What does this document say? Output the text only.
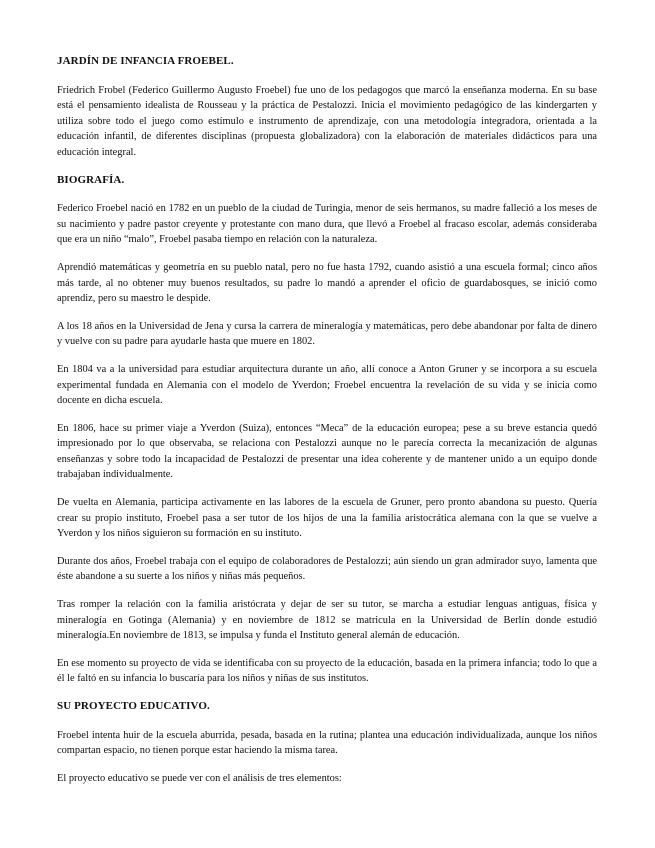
JARDÍN DE INFANCIA FROEBEL.

Friedrich Frobel (Federico Guillermo Augusto Froebel) fue uno de los pedagogos que marcó la enseñanza moderna. En su base está el pensamiento idealista de Rousseau y la práctica de Pestalozzi. Inicia el movimiento pedagógico de las kindergarten y utiliza sobre todo el juego como estímulo e instrumento de aprendizaje, con una metodología integradora, orientada a la educación infantil, de diferentes disciplinas (propuesta globalizadora) con la elaboración de materiales didácticos para una educación integral.

BIOGRAFÍA.

Federico Froebel nació en 1782 en un pueblo de la ciudad de Turingia, menor de seis hermanos, su madre falleció a los meses de su nacimiento y padre pastor creyente y protestante con mano dura, que llevó a Froebel al fracaso escolar, además consideraba que era un niño “malo”, Froebel pasaba tiempo en relación con la naturaleza.

Aprendió matemáticas y geometría en su pueblo natal, pero no fue hasta 1792, cuando asistió a una escuela formal; cinco años más tarde, al no obtener muy buenos resultados, su padre lo mandó a aprender el oficio de guardabosques, se inició como aprendiz, pero su maestro le despide.

A los 18 años en la Universidad de Jena y cursa la carrera de mineralogía y matemáticas, pero debe abandonar por falta de dinero y vuelve con su padre para ayudarle hasta que muere en 1802.

En 1804 va a la universidad para estudiar arquitectura durante un año, allí conoce a Anton Gruner y se incorpora a su escuela experimental fundada en Alemania con el modelo de Yverdon; Froebel encuentra la revelación de su vida y se inicia como docente en dicha escuela.

En 1806, hace su primer viaje a Yverdon (Suiza), entonces “Meca” de la educación europea; pese a su breve estancia quedó impresionado por lo que observaba, se relaciona con Pestalozzi aunque no le parecía correcta la mecanización de algunas enseñanzas y sobre todo la incapacidad de Pestalozzi de presentar una idea coherente y de mantener unido a un equipo donde trabajaban individualmente.

De vuelta en Alemania, participa activamente en las labores de la escuela de Gruner, pero pronto abandona su puesto. Quería crear su propio instituto, Froebel pasa a ser tutor de los hijos de una la familia aristocrática alemana con la que se vuelve a Yverdon y los niños siguieron su formación en su instituto.

Durante dos años, Froebel trabaja con el equipo de colaboradores de Pestalozzi; aún siendo un gran admirador suyo, lamenta que éste abandone a su suerte a los niños y niñas más pequeños.

Tras romper la relación con la familia aristócrata y dejar de ser su tutor, se marcha a estudiar lenguas antiguas, física y mineralogía en Gotinga (Alemania) y en noviembre de 1812 se matricula en la Universidad de Berlín donde estudió mineralogía.En noviembre de 1813, se impulsa y funda el Instituto general alemán de educación.

En ese momento su proyecto de vida se identificaba con su proyecto de la educación, basada en la primera infancia; todo lo que a él le faltó en su infancia lo buscaría para los niños y niñas de sus institutos.

SU PROYECTO EDUCATIVO.

Froebel intenta huir de la escuela aburrida, pesada, basada en la rutina; plantea una educación individualizada, aunque los niños compartan espacio, no tienen porque estar haciendo la misma tarea.

El proyecto educativo se puede ver con el análisis de tres elementos:
